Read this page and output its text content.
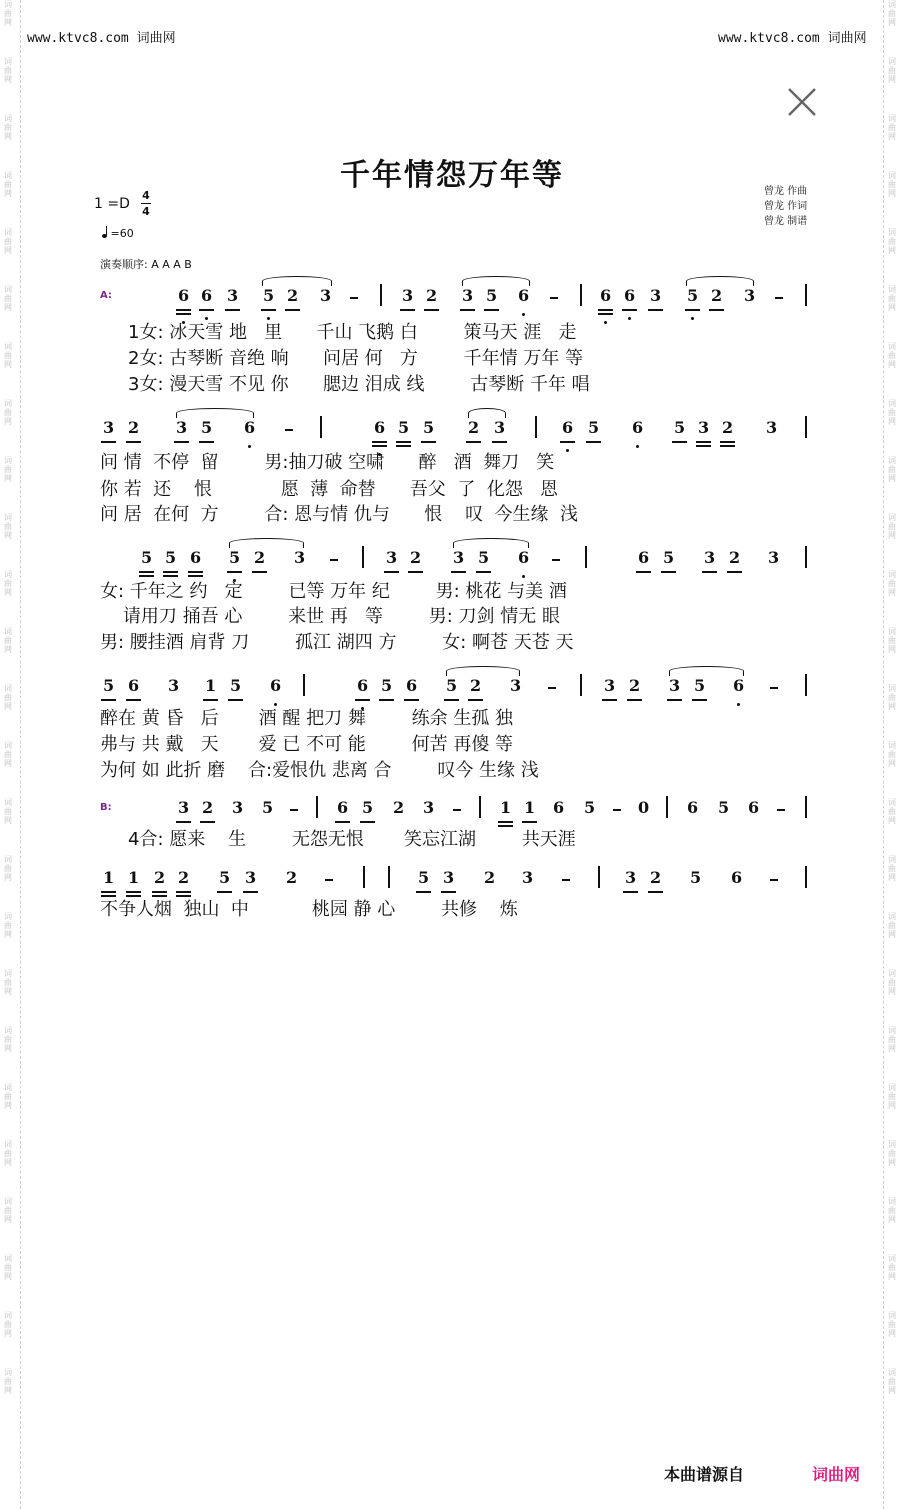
词曲网
词曲网
词曲网
词曲网
词曲网
词曲网
词曲网
词曲网
词曲网
词曲网
词曲网
词曲网
词曲网
词曲网
词曲网
词曲网
词曲网
词曲网
词曲网
词曲网
词曲网
词曲网
词曲网
词曲网
词曲网
词曲网
词曲网
词曲网
词曲网
词曲网
词曲网
词曲网
词曲网
词曲网
词曲网
词曲网
词曲网
词曲网
词曲网
词曲网
词曲网
词曲网
词曲网
词曲网
词曲网
词曲网
词曲网
词曲网
词曲网
词曲网
www.ktvc8.com 词曲网	www.ktvc8.com 词曲网
千年情怨万年等
1 =D
4
4
=60
演奏顺序: A A A B
曾龙 作曲
曾龙 作词
曾龙 制谱
A:
B:
6 6 3 5 2 3	3 2 3 5 6	6 6 3 5 2 3
3 2 3 5 6	6 5 5 2 3	6 5 6 5 3 2 3
5 5 6 5 2 3	3 2 3 5 6	6 5 3 2 3
5 6 3 1 5 6	6 5 6 5 2 3	3 2 3 5 6
3 2 3 5	6 5 2 3	1 1 6 5	0 6 5 6
1 1 2 2 5 3 2	5 3 2 3	3 2 5 6
1女: 冰天雪 地   里      千山 飞鹅 白        策马天 涯   走
2女: 古琴断 音绝 响      问居 何   方        千年情 万年 等
3女: 漫天雪 不见 你      腮边 泪成 线        古琴断 千年 唱
问 情  不停  留        男:抽刀破 空啸      醉   酒  舞刀   笑
你 若  还    恨            愿  薄  命替      吾父  了  化怨   恩
问 居  在何  方        合: 恩与情 仇与      恨    叹  今生缘  浅
女: 千年之 约   定        已等 万年 纪        男: 桃花 与美 酒
请用刀 捅吾 心        来世 再   等        男: 刀剑 情无 眼
男: 腰挂酒 肩背 刀        孤江 湖四 方        女: 啊苍 天苍 天
醉在 黄 昏   后       酒 醒 把刀 舞        练余 生孤 独
弗与 共 戴   天       爱 已 不可 能        何苦 再傻 等
为何 如 此折 磨    合:爱恨仇 悲离 合        叹今 生缘 浅
4合: 愿来    生        无怨无恨       笑忘江湖        共天涯
不争人烟  独山  中           桃园 静 心        共修    炼
本曲谱源自	词曲网
